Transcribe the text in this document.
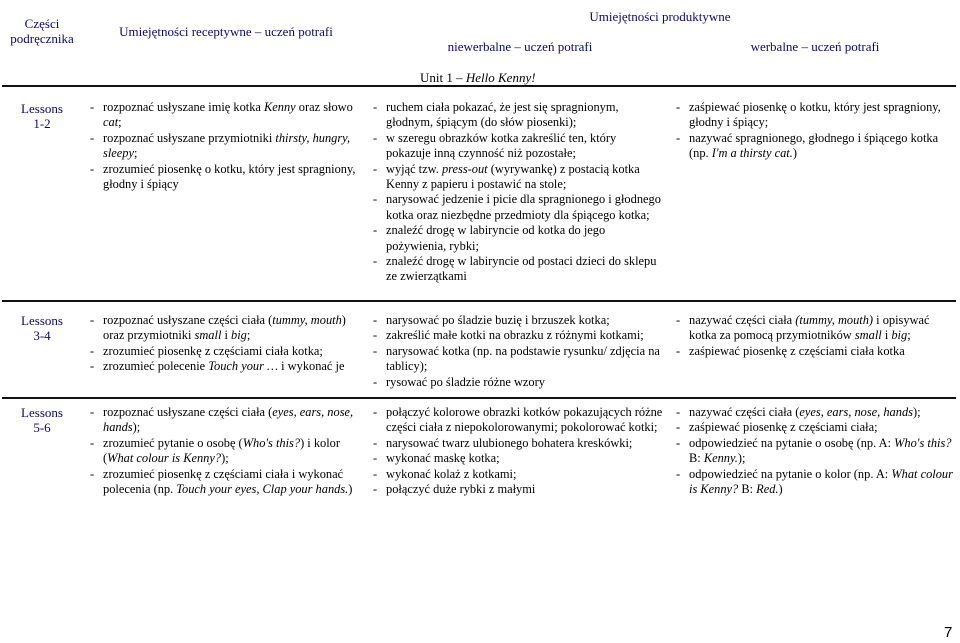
Części podręcznika	Umiejętności receptywne – uczeń potrafi
Umiejętności produktywne
niewerbalne – uczeń potrafi	werbalne – uczeń potrafi
Unit 1 – Hello Kenny!
Lessons
1-2
- rozpoznać usłyszane imię kotka Kenny oraz słowo cat;
- rozpoznać usłyszane przymiotniki thirsty, hungry, sleepy;
- zrozumieć piosenkę o kotku, który jest spragniony, głodny i śpiący
- ruchem ciała pokazać, że jest się spragnionym, głodnym, śpiącym (do słów piosenki);
- w szeregu obrazków kotka zakreślić ten, który pokazuje inną czynność niż pozostałe;
- wyjąć tzw. press-out (wyrywankę) z postacią kotka Kenny z papieru i postawić na stole;
- narysować jedzenie i picie dla spragnionego i głodnego kotka oraz niezbędne przedmioty dla śpiącego kotka;
- znaleźć drogę w labiryncie od kotka do jego pożywienia, rybki;
- znaleźć drogę w labiryncie od postaci dzieci do sklepu ze zwierzątkami
- zaśpiewać piosenkę o kotku, który jest spragniony, głodny i śpiący;
- nazywać spragnionego, głodnego i śpiącego kotka (np. I'm a thirsty cat.)
Lessons
3-4
- rozpoznać usłyszane części ciała (tummy, mouth) oraz przymiotniki small i big;
- zrozumieć piosenkę z częściami ciała kotka;
- zrozumieć polecenie Touch your … i wykonać je
- narysować po śladzie buzię i brzuszek kotka;
- zakreślić małe kotki na obrazku z różnymi kotkami;
- narysować kotka (np. na podstawie rysunku/ zdjęcia na tablicy);
- rysować po śladzie różne wzory
- nazywać części ciała (tummy, mouth) i opisywać kotka za pomocą przymiotników small i big;
- zaśpiewać piosenkę z częściami ciała kotka
Lessons
5-6
- rozpoznać usłyszane części ciała (eyes, ears, nose, hands);
- zrozumieć pytanie o osobę (Who's this?) i kolor (What colour is Kenny?);
- zrozumieć piosenkę z częściami ciała i wykonać polecenia (np. Touch your eyes, Clap your hands.)
- połączyć kolorowe obrazki kotków pokazujących różne części ciała z niepokolorowanymi; pokolorować kotki;
- narysować twarz ulubionego bohatera kreskówki;
- wykonać maskę kotka;
- wykonać kolaż z kotkami;
- połączyć duże rybki z małymi
- nazywać części ciała (eyes, ears, nose, hands);
- zaśpiewać piosenkę z częściami ciała;
- odpowiedzieć na pytanie o osobę (np. A: Who's this? B: Kenny.);
- odpowiedzieć na pytanie o kolor (np. A: What colour is Kenny? B: Red.)
7
